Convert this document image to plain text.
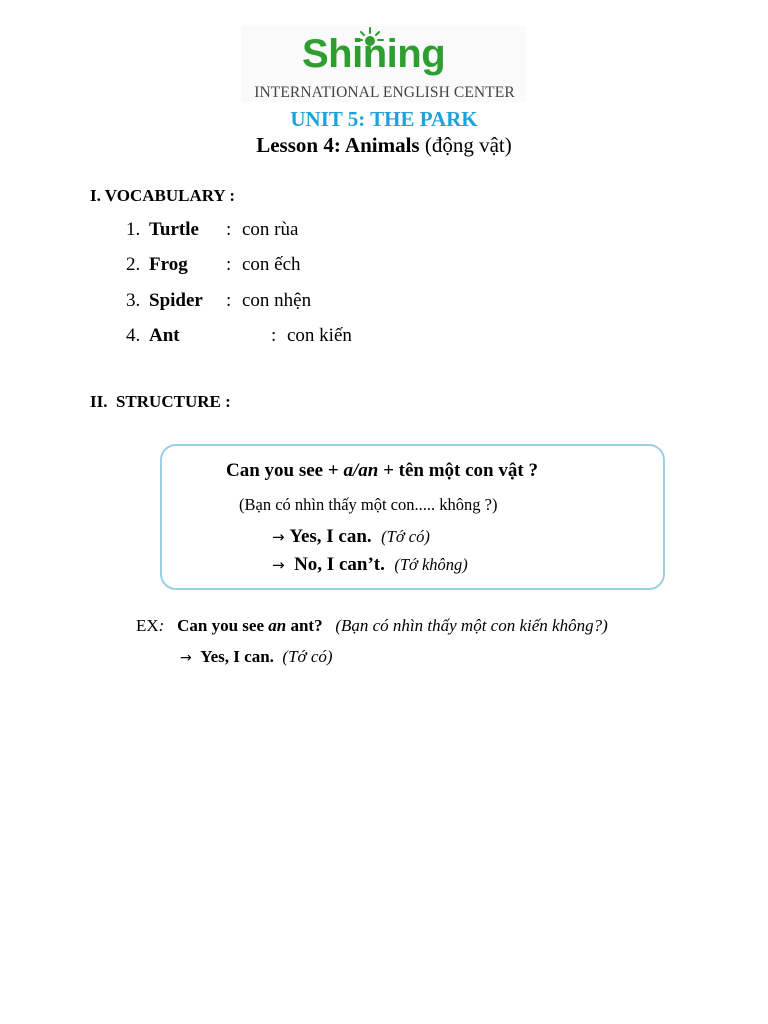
Shining
INTERNATIONAL ENGLISH CENTER
UNIT 5: THE PARK
Lesson 4: Animals (động vật)
I. VOCABULARY :
1. Turtle : con rùa
2. Frog : con ếch
3. Spider : con nhện
4. Ant	: con kiến
II.  STRUCTURE :
Can you see + a/an + tên một con vật ?
(Bạn có nhìn thấy một con..... không ?)
→ Yes, I can. (Tớ có)
→ No, I can’t. (Tớ không)
EX: Can you see an ant? (Bạn có nhìn thấy một con kiến không?)
→ Yes, I can. (Tớ có)
